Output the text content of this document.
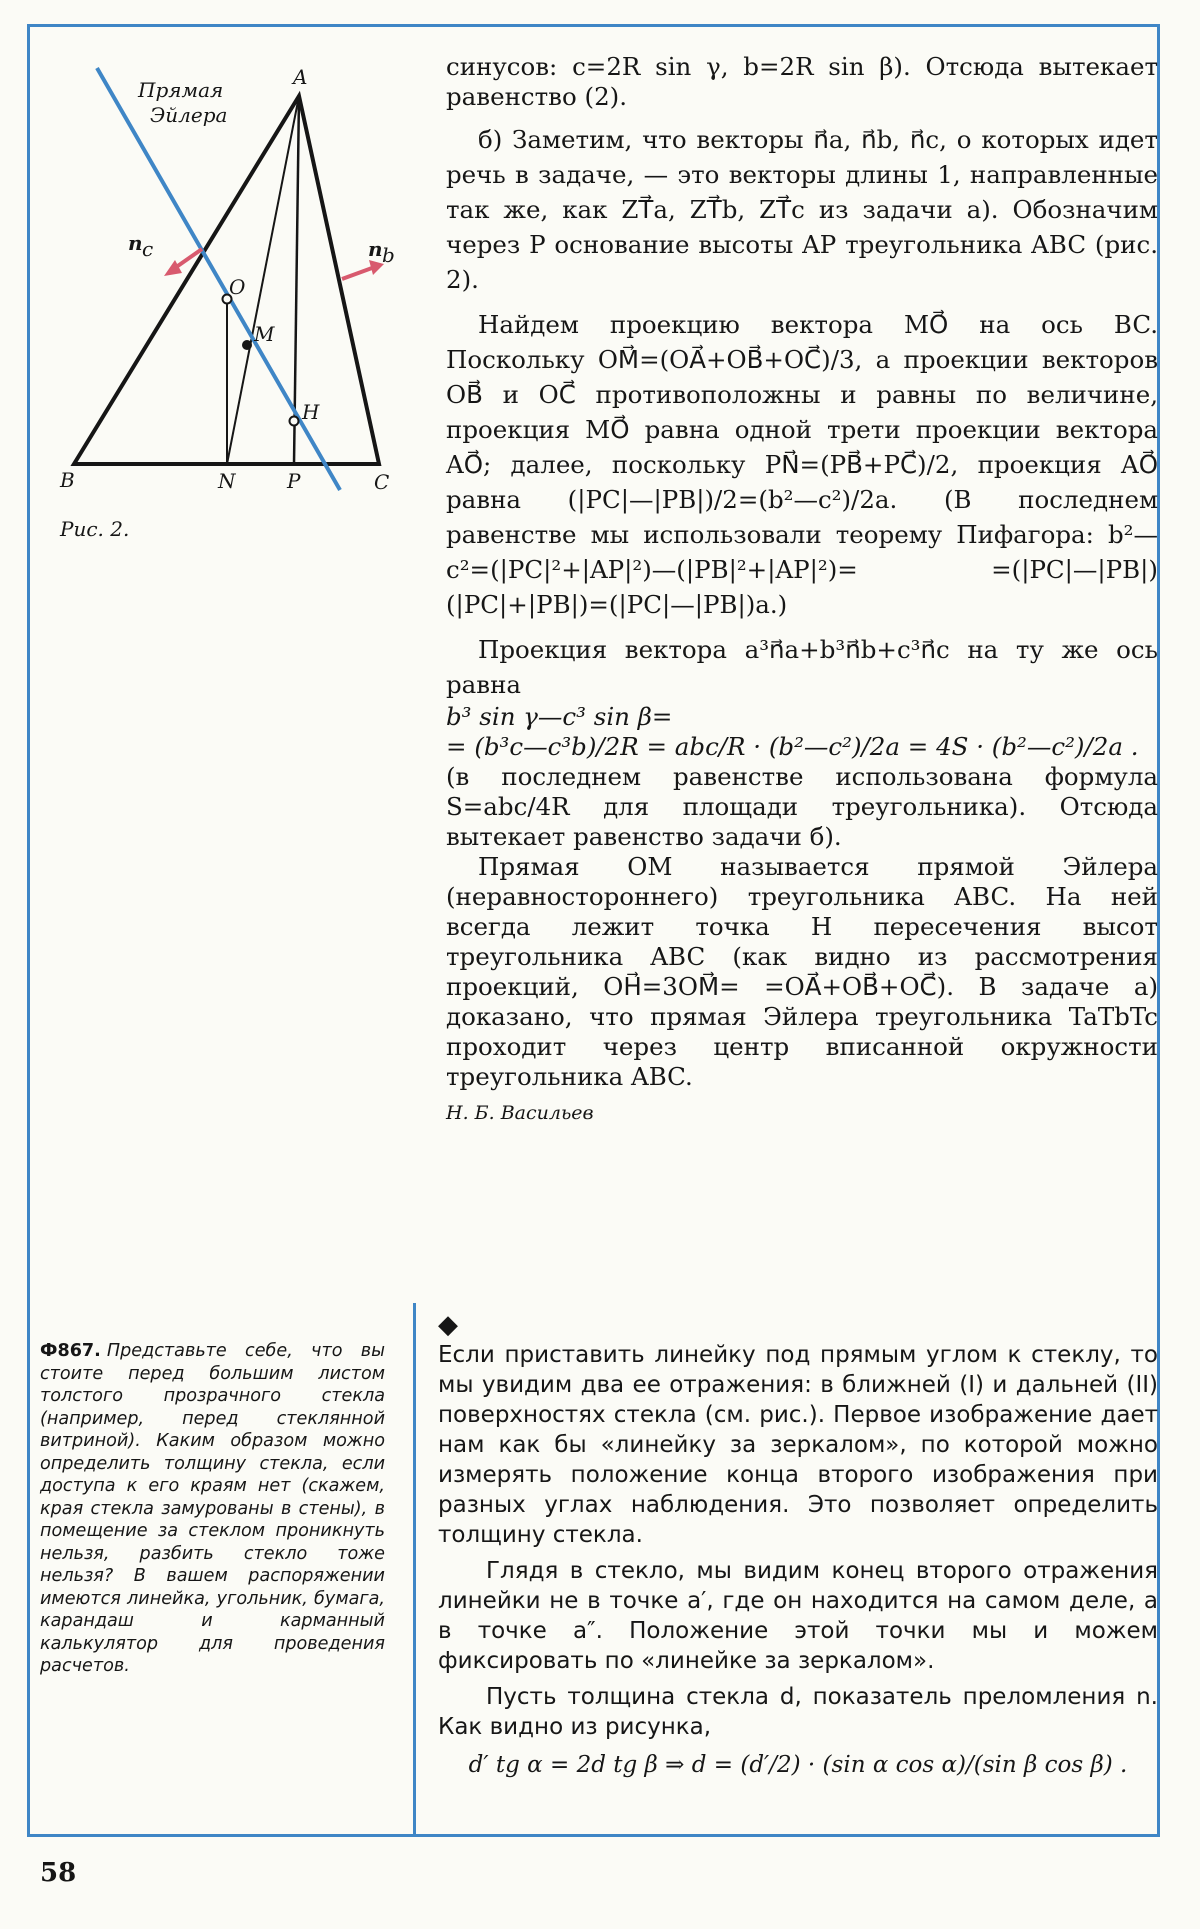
Прямая
Эйлера
A
B	C
N	P
O
M
H
n c	n b
Рис. 2.

синусов: c=2R sin γ, b=2R sin β). Отсюда вытекает равенство (2).

б) Заметим, что векторы n⃗a, n⃗b, n⃗c, о которых идет речь в задаче, — это векторы длины 1, направленные так же, как ZT⃗a, ZT⃗b, ZT⃗c из задачи а). Обозначим через P основание высоты AP треугольника ABC (рис. 2).

Найдем проекцию вектора MO⃗ на ось BC. Поскольку OM⃗=(OA⃗+OB⃗+OC⃗)/3, а проекции векторов OB⃗ и OC⃗ противоположны и равны по величине, проекция MO⃗ равна одной трети проекции вектора AO⃗; далее, поскольку PN⃗=(PB⃗+PC⃗)/2, проекция AO⃗ равна (|PC|—|PB|)/2=(b²—c²)/2a. (В последнем равенстве мы использовали теорему Пифагора: b²—c²=(|PC|²+|AP|²)—(|PB|²+|AP|²)= =(|PC|—|PB|)(|PC|+|PB|)=(|PC|—|PB|)a.)

Проекция вектора a³n⃗a+b³n⃗b+c³n⃗c на ту же ось равна

b³ sin γ—c³ sin β=

= (b³c—c³b)/2R = abc/R · (b²—c²)/2a = 4S · (b²—c²)/2a .

(в последнем равенстве использована формула S=abc/4R для площади треугольника). Отсюда вытекает равенство задачи б).

Прямая OM называется прямой Эйлера (неравностороннего) треугольника ABC. На ней всегда лежит точка H пересечения высот треугольника ABC (как видно из рассмотрения проекций, OH⃗=3OM⃗= =OA⃗+OB⃗+OC⃗). В задаче а) доказано, что прямая Эйлера треугольника TaTbTc проходит через центр вписанной окружности треугольника ABC.

Н. Б. Васильев

Ф867. Представьте себе, что вы стоите перед большим листом толстого прозрачного стекла (например, перед стеклянной витриной). Каким образом можно определить толщину стекла, если доступа к его краям нет (скажем, края стекла замурованы в стены), в помещение за стеклом проникнуть нельзя, разбить стекло тоже нельзя? В вашем распоряжении имеются линейка, угольник, бумага, карандаш и карманный калькулятор для проведения расчетов.
◆

Если приставить линейку под прямым углом к стеклу, то мы увидим два ее отражения: в ближней (I) и дальней (II) поверхностях стекла (см. рис.). Первое изображение дает нам как бы «линейку за зеркалом», по которой можно измерять положение конца второго изображения при разных углах наблюдения. Это позволяет определить толщину стекла.

Глядя в стекло, мы видим конец второго отражения линейки не в точке a′, где он находится на самом деле, а в точке a″. Положение этой точки мы и можем фиксировать по «линейке за зеркалом».

Пусть толщина стекла d, показатель преломления n. Как видно из рисунка,

d′ tg α = 2d tg β ⇒ d = (d′/2) · (sin α cos α)/(sin β cos β) .

58
